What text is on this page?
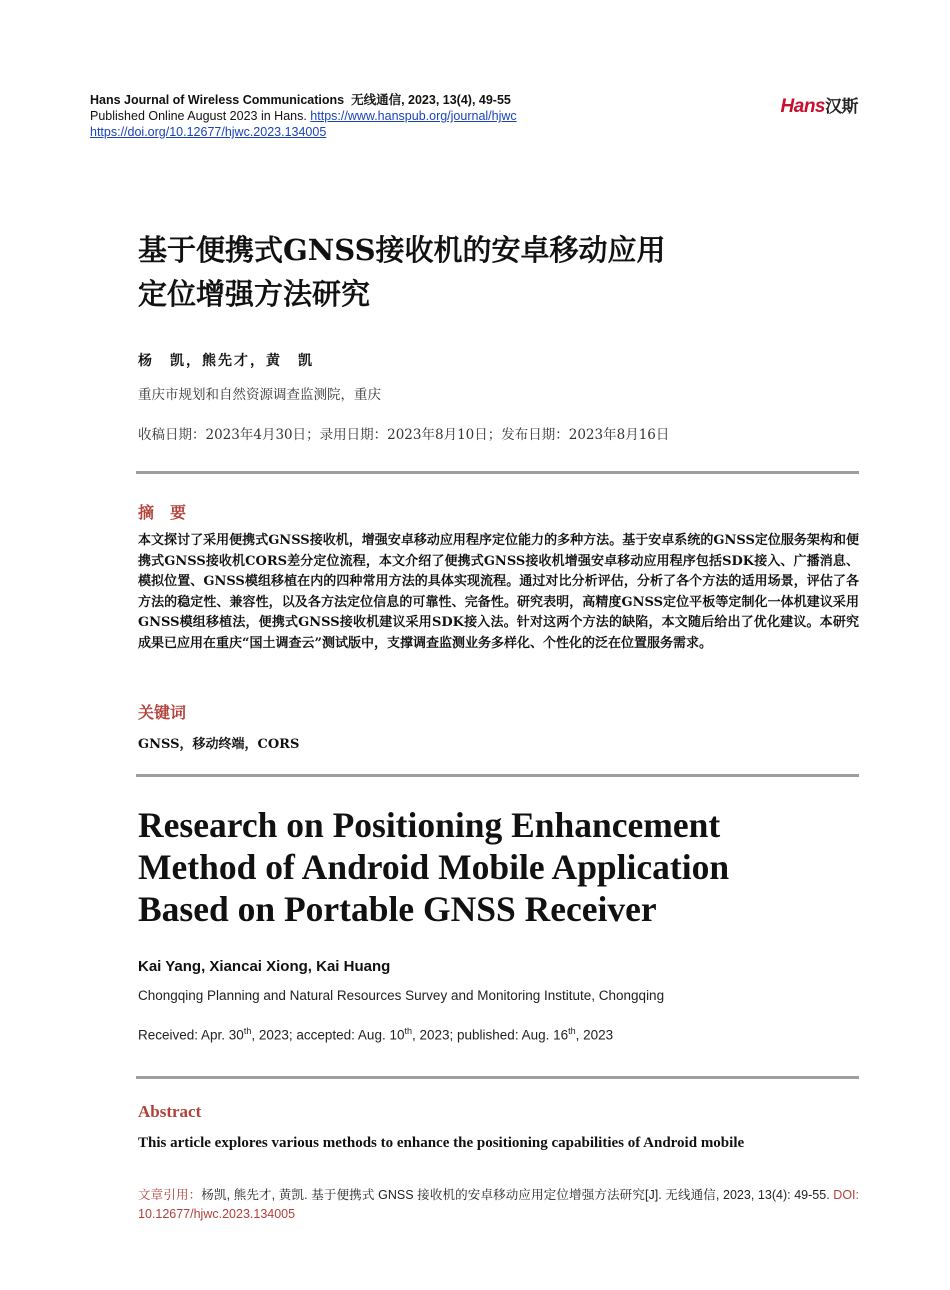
Hans Journal of Wireless Communications 无线通信, 2023, 13(4), 49-55
Published Online August 2023 in Hans. https://www.hanspub.org/journal/hjwc
https://doi.org/10.12677/hjwc.2023.134005
Hans汉斯
基于便携式GNSS接收机的安卓移动应用
定位增强方法研究
杨　凯，熊先才，黄　凯
重庆市规划和自然资源调查监测院，重庆
收稿日期：2023年4月30日；录用日期：2023年8月10日；发布日期：2023年8月16日
摘　要
本文探讨了采用便携式GNSS接收机，增强安卓移动应用程序定位能力的多种方法。基于安卓系统的GNSS定位服务架构和便携式GNSS接收机CORS差分定位流程，本文介绍了便携式GNSS接收机增强安卓移动应用程序包括SDK接入、广播消息、模拟位置、GNSS模组移植在内的四种常用方法的具体实现流程。通过对比分析评估，分析了各个方法的适用场景，评估了各方法的稳定性、兼容性，以及各方法定位信息的可靠性、完备性。研究表明，高精度GNSS定位平板等定制化一体机建议采用GNSS模组移植法，便携式GNSS接收机建议采用SDK接入法。针对这两个方法的缺陷，本文随后给出了优化建议。本研究成果已应用在重庆“国土调查云”测试版中，支撑调查监测业务多样化、个性化的泛在位置服务需求。
关键词
GNSS，移动终端，CORS
Research on Positioning Enhancement
Method of Android Mobile Application
Based on Portable GNSS Receiver
Kai Yang, Xiancai Xiong, Kai Huang
Chongqing Planning and Natural Resources Survey and Monitoring Institute, Chongqing
Received: Apr. 30th, 2023; accepted: Aug. 10th, 2023; published: Aug. 16th, 2023
Abstract
This article explores various methods to enhance the positioning capabilities of Android mobile
文章引用：杨凯, 熊先才, 黄凯. 基于便携式 GNSS 接收机的安卓移动应用定位增强方法研究[J]. 无线通信, 2023, 13(4): 49-55. DOI: 10.12677/hjwc.2023.134005
